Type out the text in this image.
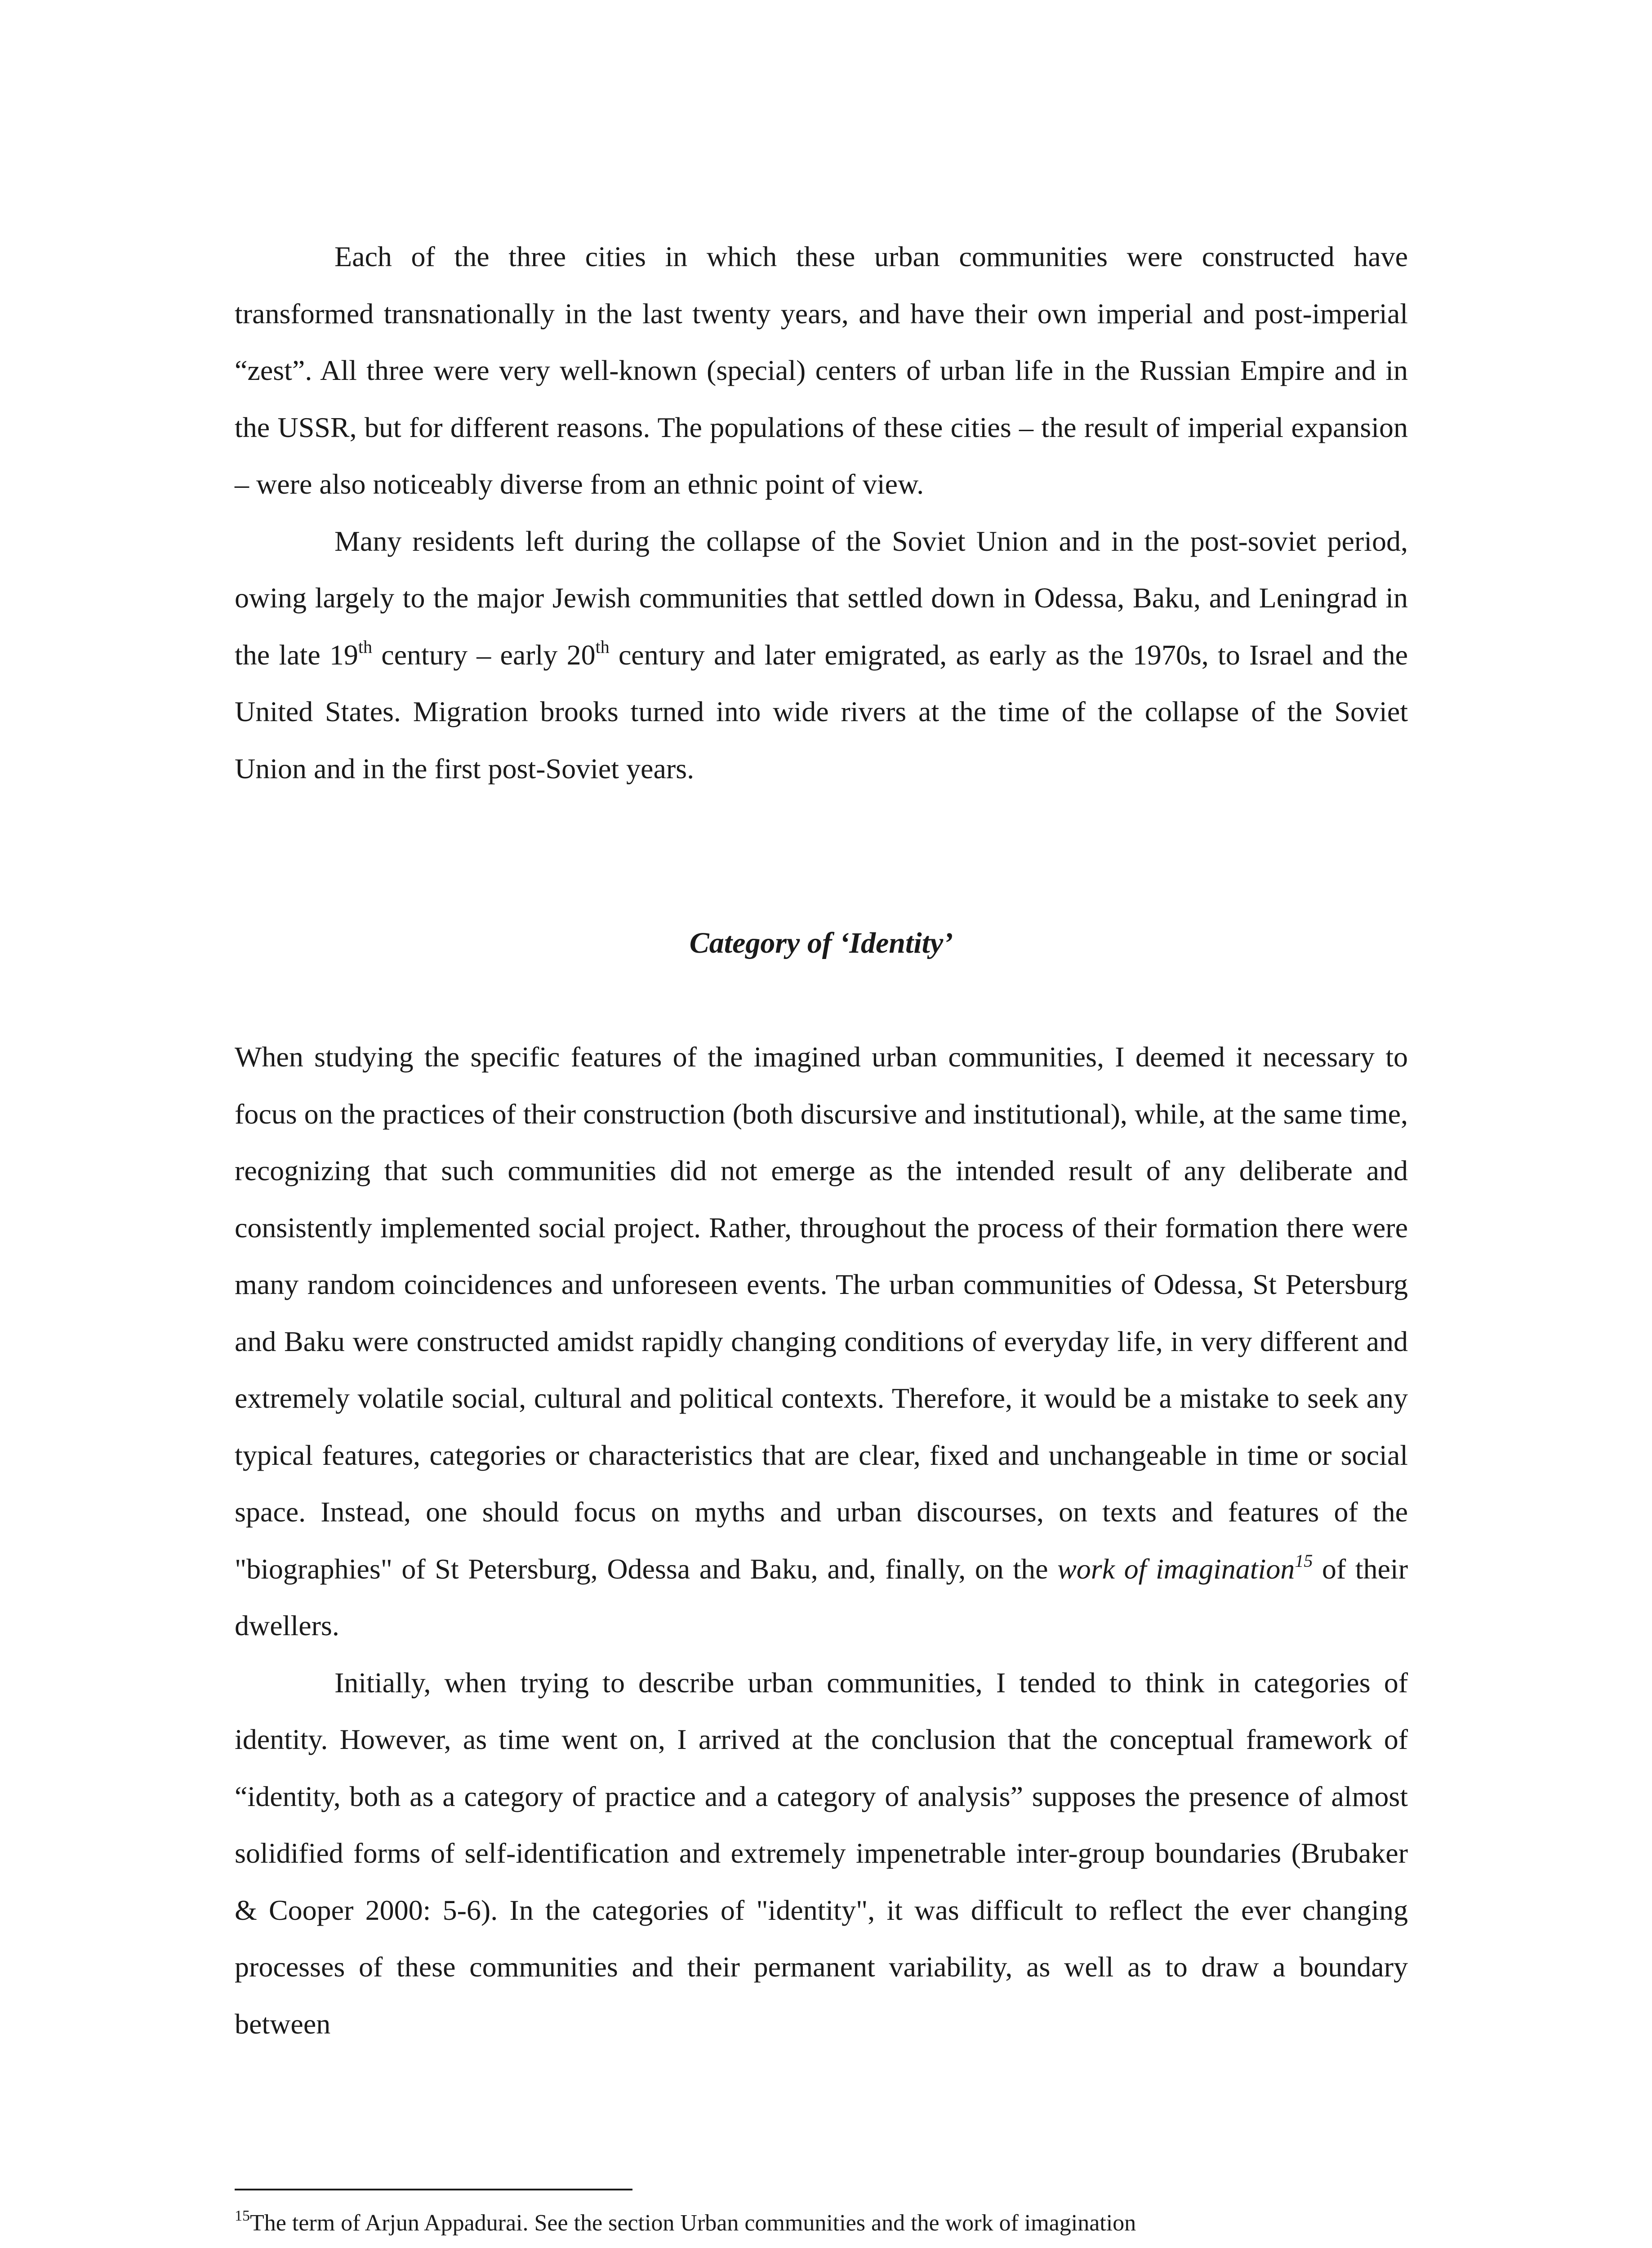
Each of the three cities in which these urban communities were constructed have transformed transnationally in the last twenty years, and have their own imperial and post-imperial “zest”. All three were very well-known (special) centers of urban life in the Russian Empire and in the USSR, but for different reasons. The populations of these cities – the result of imperial expansion – were also noticeably diverse from an ethnic point of view.

Many residents left during the collapse of the Soviet Union and in the post-soviet period, owing largely to the major Jewish communities that settled down in Odessa, Baku, and Leningrad in the late 19th century – early 20th century and later emigrated, as early as the 1970s, to Israel and the United States. Migration brooks turned into wide rivers at the time of the collapse of the Soviet Union and in the first post-Soviet years.

Category of ‘Identity’

When studying the specific features of the imagined urban communities, I deemed it necessary to focus on the practices of their construction (both discursive and institutional), while, at the same time, recognizing that such communities did not emerge as the intended result of any deliberate and consistently implemented social project. Rather, throughout the process of their formation there were many random coincidences and unforeseen events. The urban communities of Odessa, St Petersburg and Baku were constructed amidst rapidly changing conditions of everyday life, in very different and extremely volatile social, cultural and political contexts. Therefore, it would be a mistake to seek any typical features, categories or characteristics that are clear, fixed and unchangeable in time or social space. Instead, one should focus on myths and urban discourses, on texts and features of the "biographies" of St Petersburg, Odessa and Baku, and, finally, on the work of imagination$^{15}$ of their dwellers.

Initially, when trying to describe urban communities, I tended to think in categories of identity. However, as time went on, I arrived at the conclusion that the conceptual framework of “identity, both as a category of practice and a category of analysis” supposes the presence of almost solidified forms of self-identification and extremely impenetrable inter-group boundaries (Brubaker & Cooper 2000: 5-6). In the categories of "identity", it was difficult to reflect the ever changing processes of these communities and their permanent variability, as well as to draw a boundary between

$^{15}$The term of Arjun Appadurai. See the section Urban communities and the work of imagination
